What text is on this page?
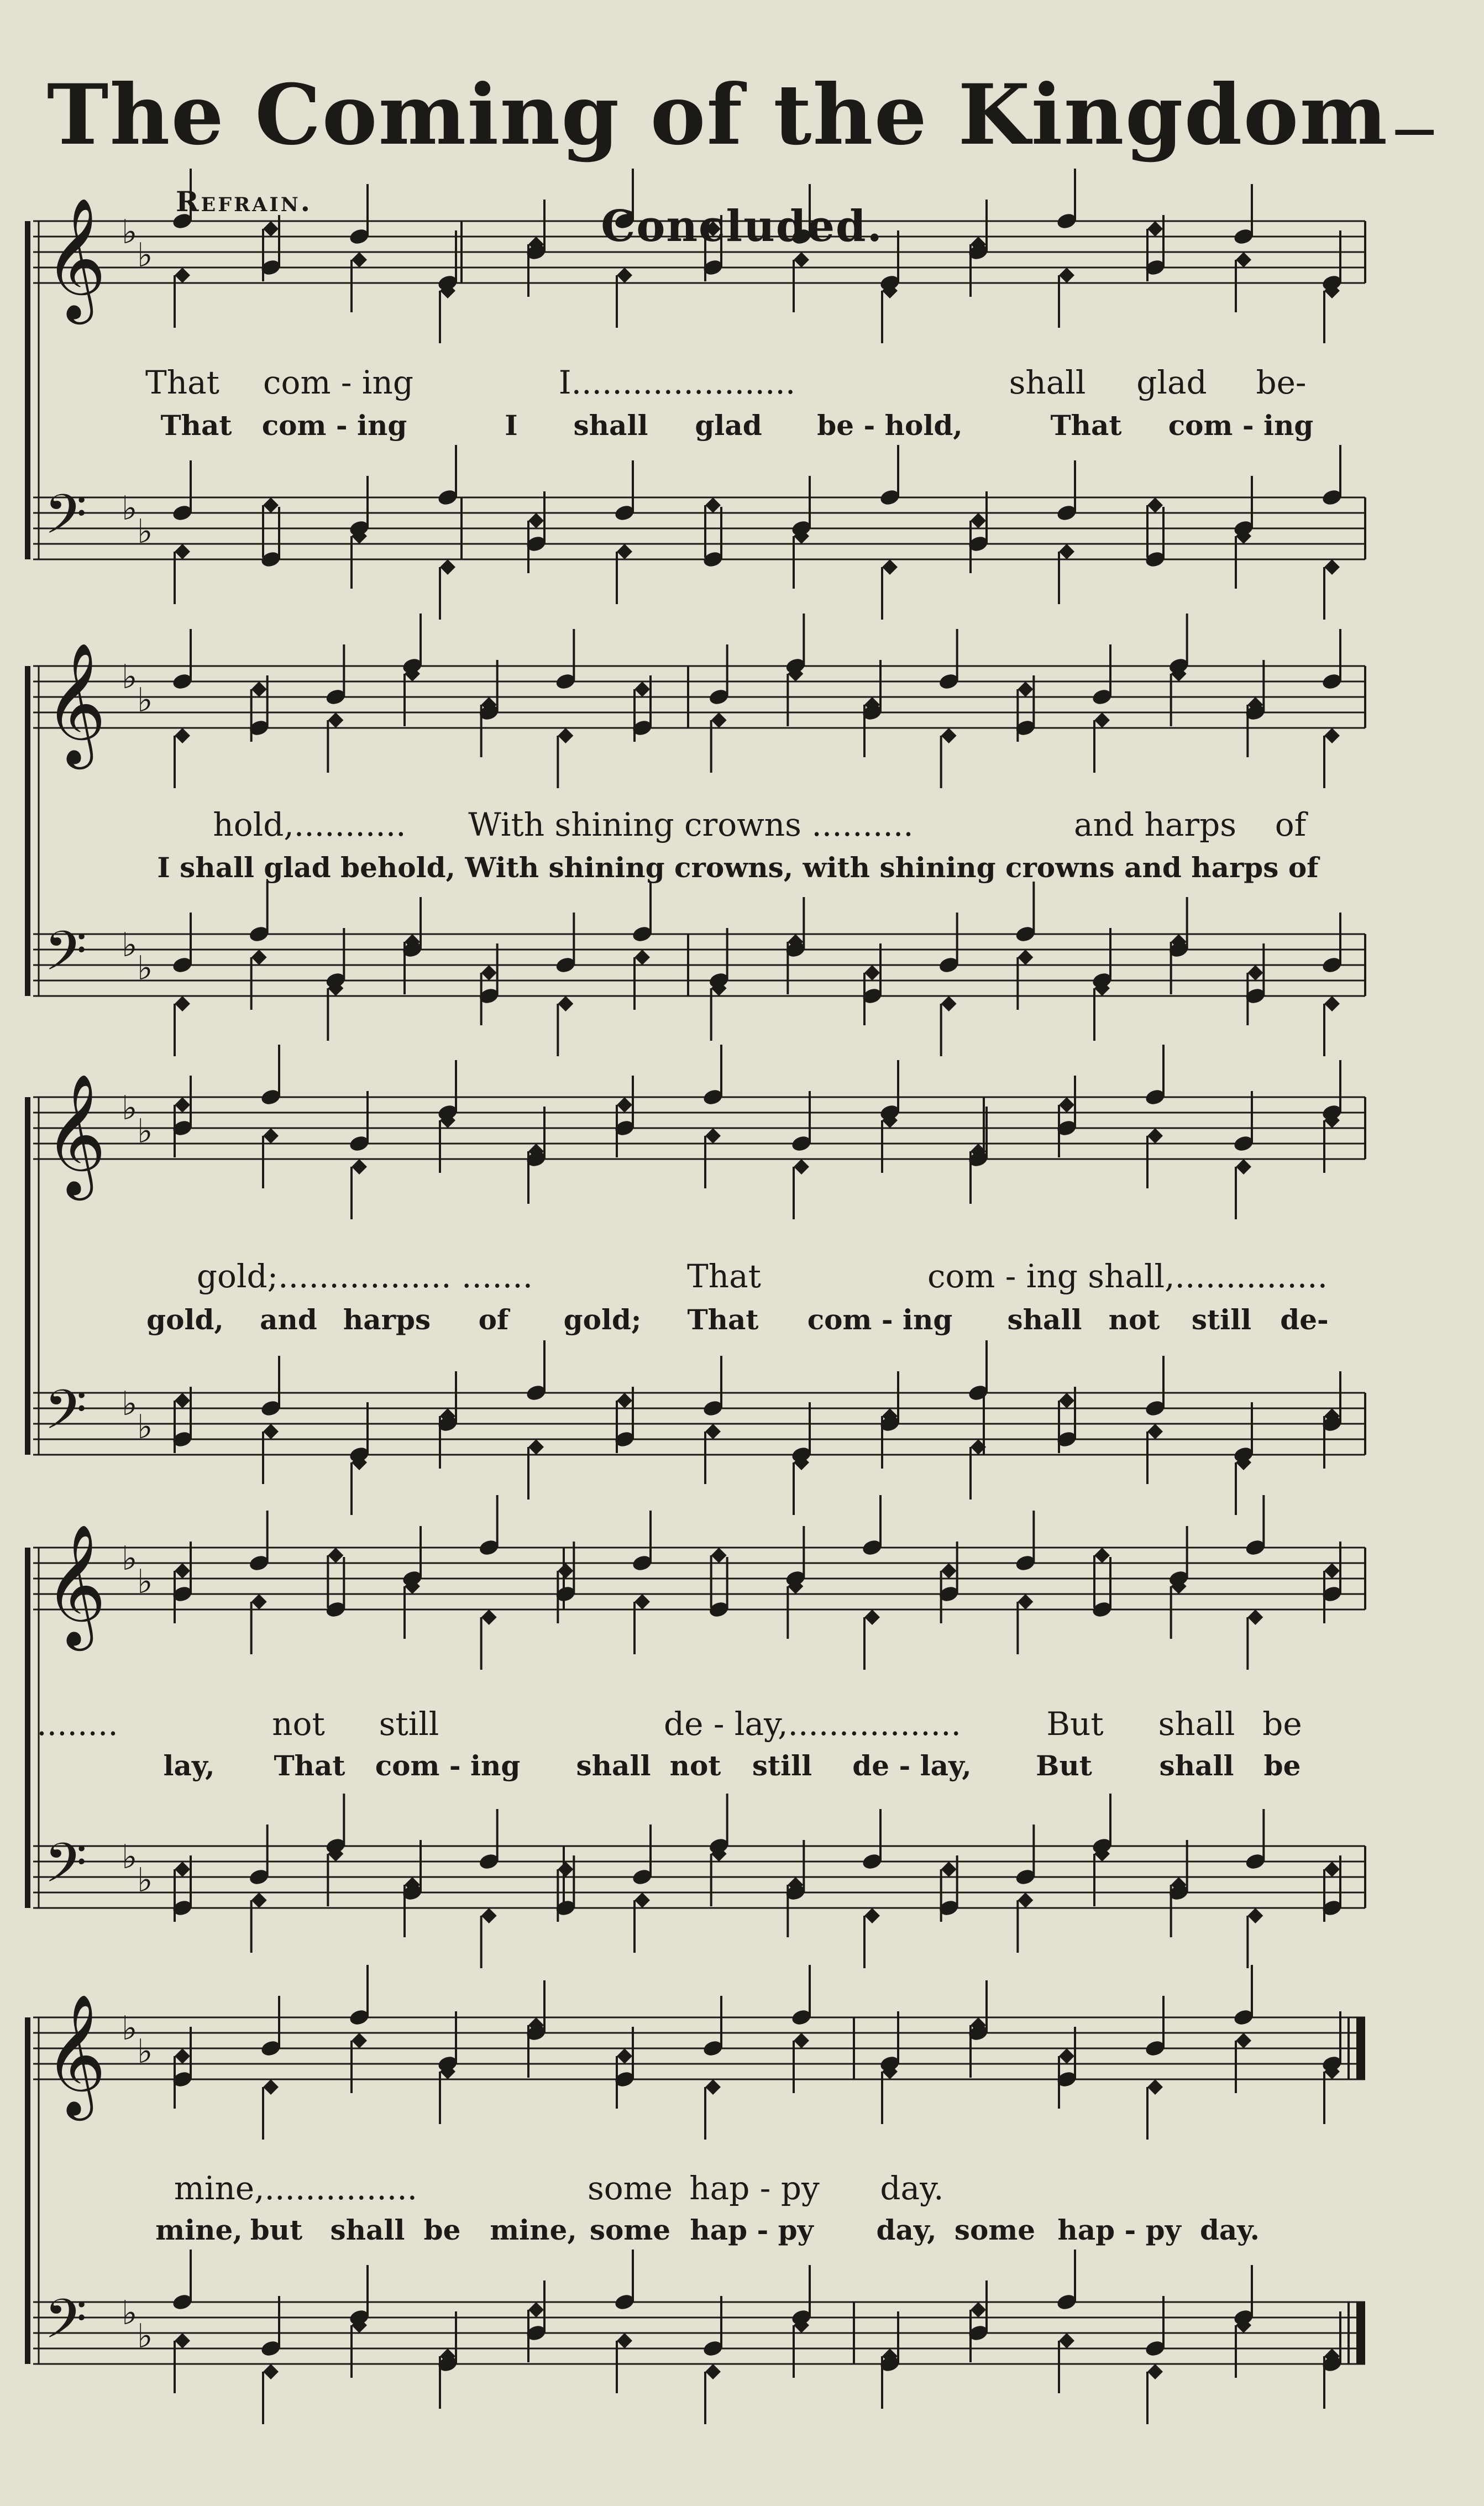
𝄞 ♭
♭
𝄢 ♭
♭
𝄞 ♭
♭
𝄢 ♭
♭
𝄞 ♭
♭
𝄢 ♭
♭
𝄞 ♭
♭
𝄢 ♭
♭
𝄞 ♭
♭
𝄢 ♭
♭
The Coming of the Kingdom —Concluded.
Refrain.
That com - ing	I......................	shall glad be-
That com - ing	I shall glad be - hold,	That com - ing
hold,........... With shining crowns ..........	and harps of
I shall glad behold, With shining crowns, with shining crowns and harps of
gold;................. .......	That	com - ing shall,...............
gold, and harps of gold; That com - ing shall not still de-
........	not still	de - lay,.................	But shall be
lay, That com - ing shall not still de - lay, But shall be
mine,...............	some hap - py day.
mine, but shall be mine, some hap - py day, some hap - py day.
